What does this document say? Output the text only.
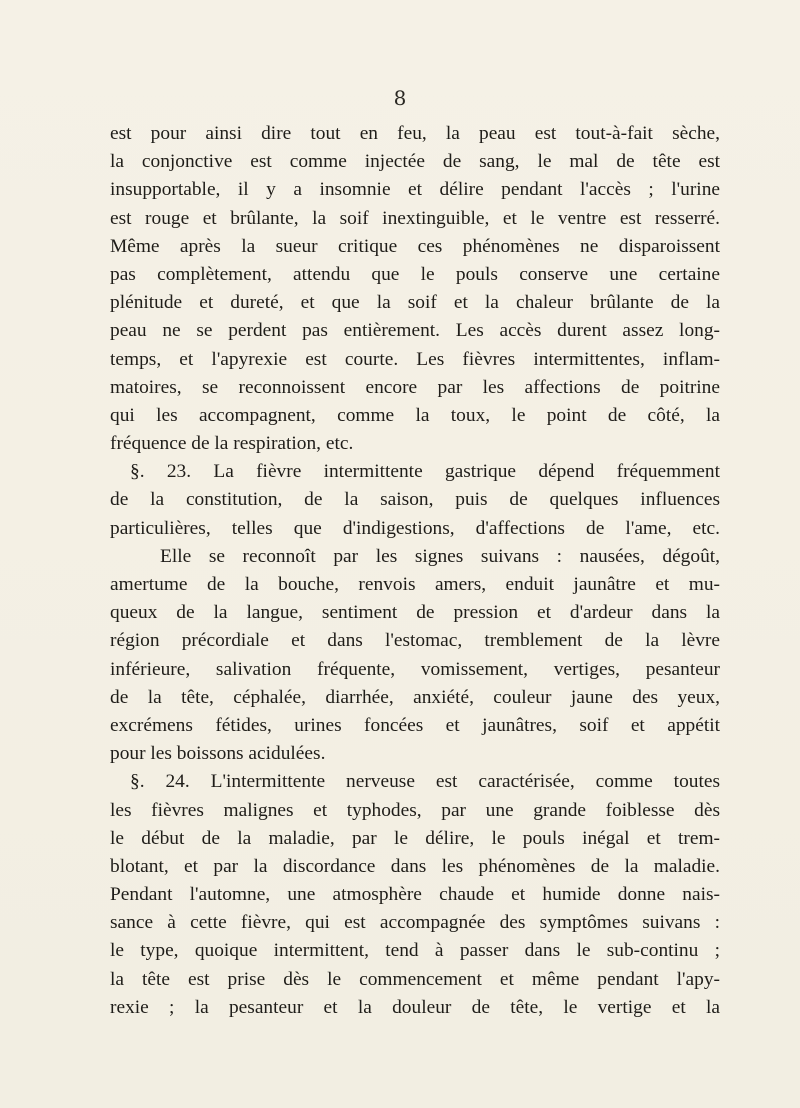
8
est pour ainsi dire tout en feu, la peau est tout-à-fait sèche,
la conjonctive est comme injectée de sang, le mal de tête est
insupportable, il y a insomnie et délire pendant l'accès ; l'urine
est rouge et brûlante, la soif inextinguible, et le ventre est resserré.
Même après la sueur critique ces phénomènes ne disparoissent
pas complètement, attendu que le pouls conserve une certaine
plénitude et dureté, et que la soif et la chaleur brûlante de la
peau ne se perdent pas entièrement. Les accès durent assez long-
temps, et l'apyrexie est courte. Les fièvres intermittentes, inflam-
matoires, se reconnoissent encore par les affections de poitrine
qui les accompagnent, comme la toux, le point de côté, la
fréquence de la respiration, etc.
§. 23. La fièvre intermittente gastrique dépend fréquemment
de la constitution, de la saison, puis de quelques influences
particulières, telles que d'indigestions, d'affections de l'ame, etc.
Elle se reconnoît par les signes suivans : nausées, dégoût,
amertume de la bouche, renvois amers, enduit jaunâtre et mu-
queux de la langue, sentiment de pression et d'ardeur dans la
région précordiale et dans l'estomac, tremblement de la lèvre
inférieure, salivation fréquente, vomissement, vertiges, pesanteur
de la tête, céphalée, diarrhée, anxiété, couleur jaune des yeux,
excrémens fétides, urines foncées et jaunâtres, soif et appétit
pour les boissons acidulées.
§. 24. L'intermittente nerveuse est caractérisée, comme toutes
les fièvres malignes et typhodes, par une grande foiblesse dès
le début de la maladie, par le délire, le pouls inégal et trem-
blotant, et par la discordance dans les phénomènes de la maladie.
Pendant l'automne, une atmosphère chaude et humide donne nais-
sance à cette fièvre, qui est accompagnée des symptômes suivans :
le type, quoique intermittent, tend à passer dans le sub-continu ;
la tête est prise dès le commencement et même pendant l'apy-
rexie ; la pesanteur et la douleur de tête, le vertige et la
